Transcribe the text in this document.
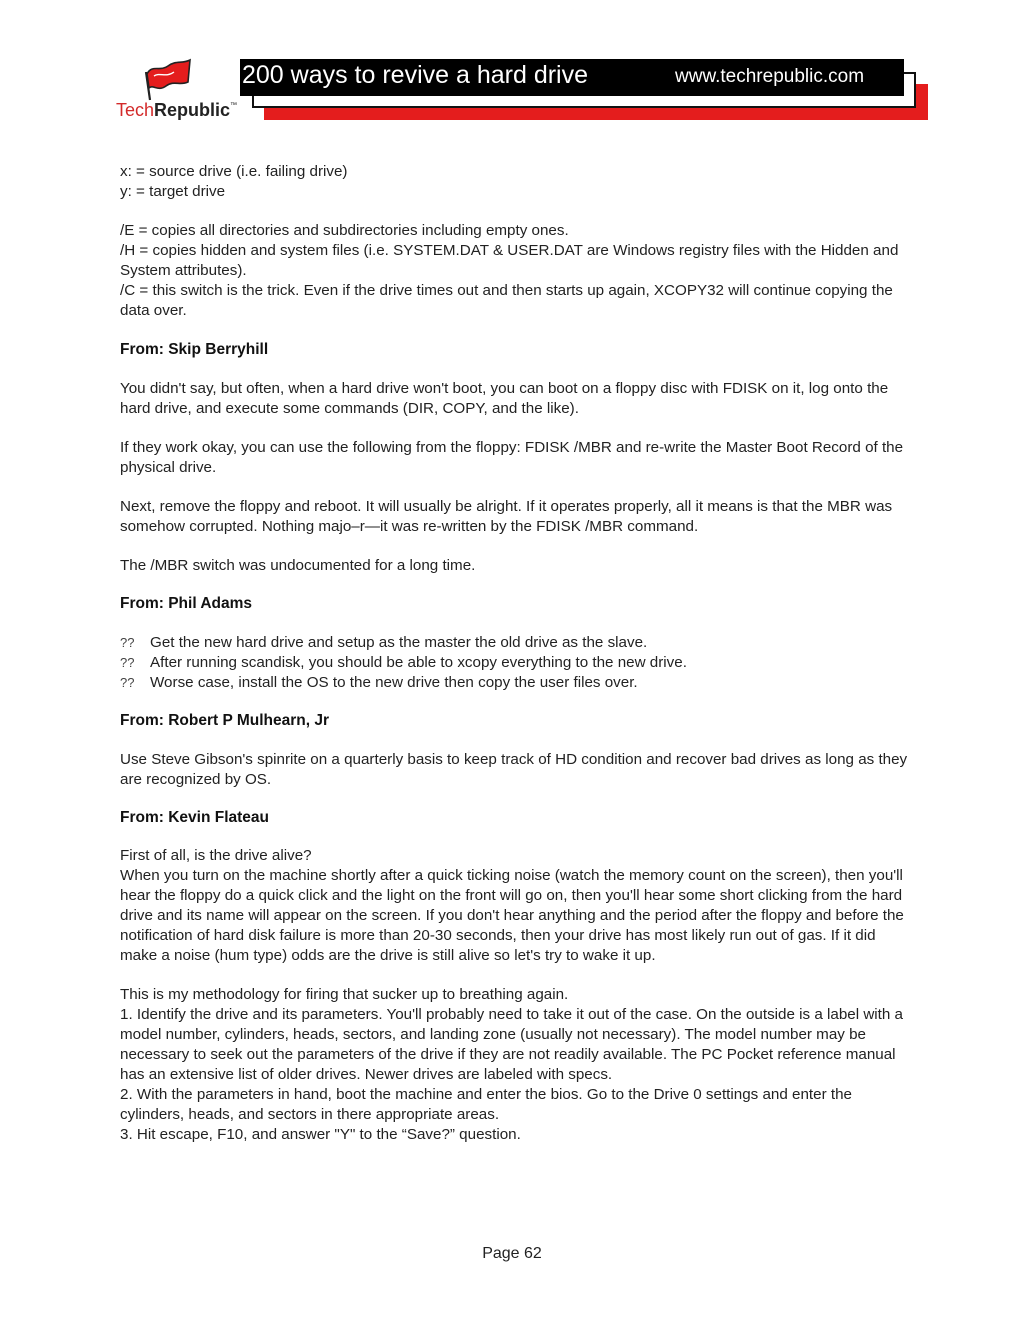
TechRepublic™
200 ways to revive a hard drive	www.techrepublic.com

x: = source drive (i.e. failing drive)

y: = target drive

/E = copies all directories and subdirectories including empty ones.

/H = copies hidden and system files (i.e. SYSTEM.DAT & USER.DAT are Windows registry files with the Hidden and System attributes).

/C = this switch is the trick. Even if the drive times out and then starts up again, XCOPY32 will continue copying the data over.

From: Skip Berryhill

You didn't say, but often, when a hard drive won't boot, you can boot on a floppy disc with FDISK on it, log onto the hard drive, and execute some commands (DIR, COPY, and the like).

If they work okay, you can use the following from the floppy: FDISK /MBR and re-write the Master Boot Record of the physical drive.

Next, remove the floppy and reboot. It will usually be alright. If it operates properly, all it means is that the MBR was somehow corrupted. Nothing majo–r—it was re-written by the FDISK /MBR command.

The /MBR switch was undocumented for a long time.

From: Phil Adams
??	Get the new hard drive and setup as the master the old drive as the slave.
??	After running scandisk, you should be able to xcopy everything to the new drive.
??	Worse case, install the OS to the new drive then copy the user files over.
From: Robert P Mulhearn, Jr

Use Steve Gibson's spinrite on a quarterly basis to keep track of HD condition and recover bad drives as long as they are recognized by OS.

From: Kevin Flateau

First of all, is the drive alive?

When you turn on the machine shortly after a quick ticking noise (watch the memory count on the screen), then you'll hear the floppy do a quick click and the light on the front will go on, then you'll hear some short clicking from the hard drive and its name will appear on the screen. If you don't hear anything and the period after the floppy and before the notification of hard disk failure is more than 20-30 seconds, then your drive has most likely run out of gas. If it did make a noise (hum type) odds are the drive is still alive so let's try to wake it up.

This is my methodology for firing that sucker up to breathing again.

1. Identify the drive and its parameters. You'll probably need to take it out of the case. On the outside is a label with a model number, cylinders, heads, sectors, and landing zone (usually not necessary). The model number may be necessary to seek out the parameters of the drive if they are not readily available. The PC Pocket reference manual has an extensive list of older drives. Newer drives are labeled with specs.

2. With the parameters in hand, boot the machine and enter the bios. Go to the Drive 0 settings and enter the cylinders, heads, and sectors in there appropriate areas.

3. Hit escape, F10, and answer "Y" to the “Save?” question.

Page 62
